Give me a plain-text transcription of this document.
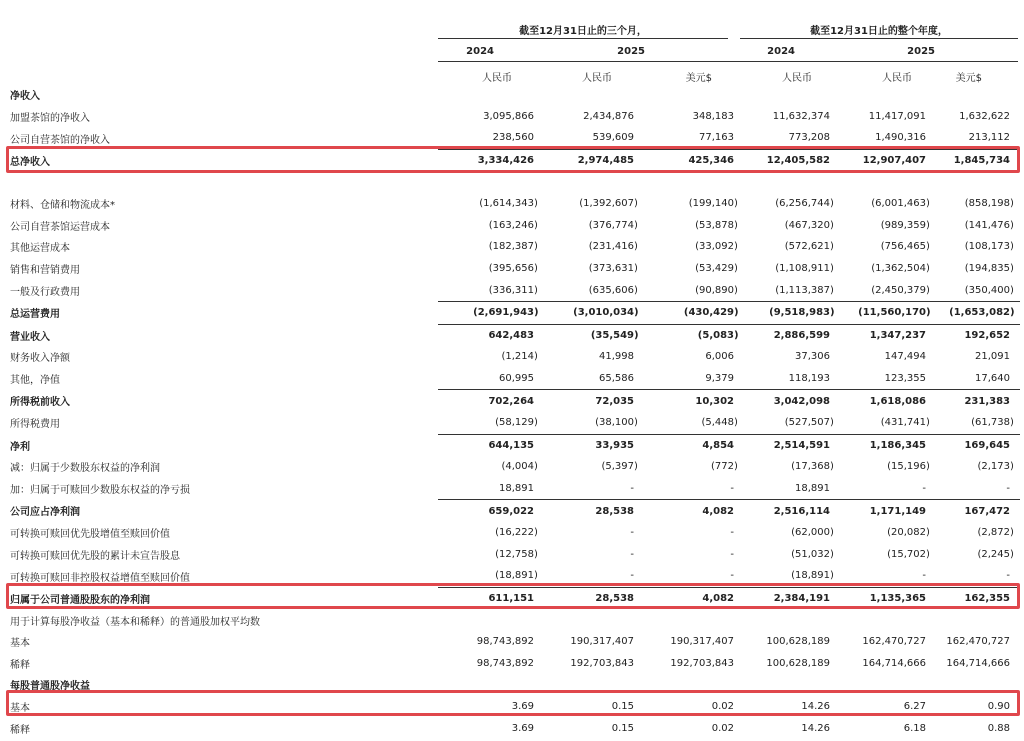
截至12月31日止的三个月，	截至12月31日止的整个年度，
2024	2025	2024	2025
人民币	人民币	美元$	人民币	人民币	美元$
净收入						
加盟茶馆的净收入	3,095,866	2,434,876	348,183	11,632,374	11,417,091	1,632,622
公司自营茶馆的净收入	238,560	539,609	77,163	773,208	1,490,316	213,112
总净收入	3,334,426	2,974,485	425,346	12,405,582	12,907,407	1,845,734

材料、仓储和物流成本*	(1,614,343)	(1,392,607)	(199,140)	(6,256,744)	(6,001,463)	(858,198)
公司自营茶馆运营成本	(163,246)	(376,774)	(53,878)	(467,320)	(989,359)	(141,476)
其他运营成本	(182,387)	(231,416)	(33,092)	(572,621)	(756,465)	(108,173)
销售和营销费用	(395,656)	(373,631)	(53,429)	(1,108,911)	(1,362,504)	(194,835)
一般及行政费用	(336,311)	(635,606)	(90,890)	(1,113,387)	(2,450,379)	(350,400)
总运营费用	(2,691,943)	(3,010,034)	(430,429)	(9,518,983)	(11,560,170)	(1,653,082)
营业收入	642,483	(35,549)	(5,083)	2,886,599	1,347,237	192,652
财务收入净额	(1,214)	41,998	6,006	37,306	147,494	21,091
其他，净值	60,995	65,586	9,379	118,193	123,355	17,640
所得税前收入	702,264	72,035	10,302	3,042,098	1,618,086	231,383
所得税费用	(58,129)	(38,100)	(5,448)	(527,507)	(431,741)	(61,738)
净利	644,135	33,935	4,854	2,514,591	1,186,345	169,645
减：归属于少数股东权益的净利润	(4,004)	(5,397)	(772)	(17,368)	(15,196)	(2,173)
加：归属于可赎回少数股东权益的净亏损	18,891	-	-	18,891	-	-
公司应占净利润	659,022	28,538	4,082	2,516,114	1,171,149	167,472
可转换可赎回优先股增值至赎回价值	(16,222)	-	-	(62,000)	(20,082)	(2,872)
可转换可赎回优先股的累计未宣告股息	(12,758)	-	-	(51,032)	(15,702)	(2,245)
可转换可赎回非控股权益增值至赎回价值	(18,891)	-	-	(18,891)	-	-
归属于公司普通股股东的净利润	611,151	28,538	4,082	2,384,191	1,135,365	162,355
用于计算每股净收益（基本和稀释）的普通股加权平均数						
基本	98,743,892	190,317,407	190,317,407	100,628,189	162,470,727	162,470,727
稀释	98,743,892	192,703,843	192,703,843	100,628,189	164,714,666	164,714,666
每股普通股净收益						
基本	3.69	0.15	0.02	14.26	6.27	0.90
稀释	3.69	0.15	0.02	14.26	6.18	0.88
